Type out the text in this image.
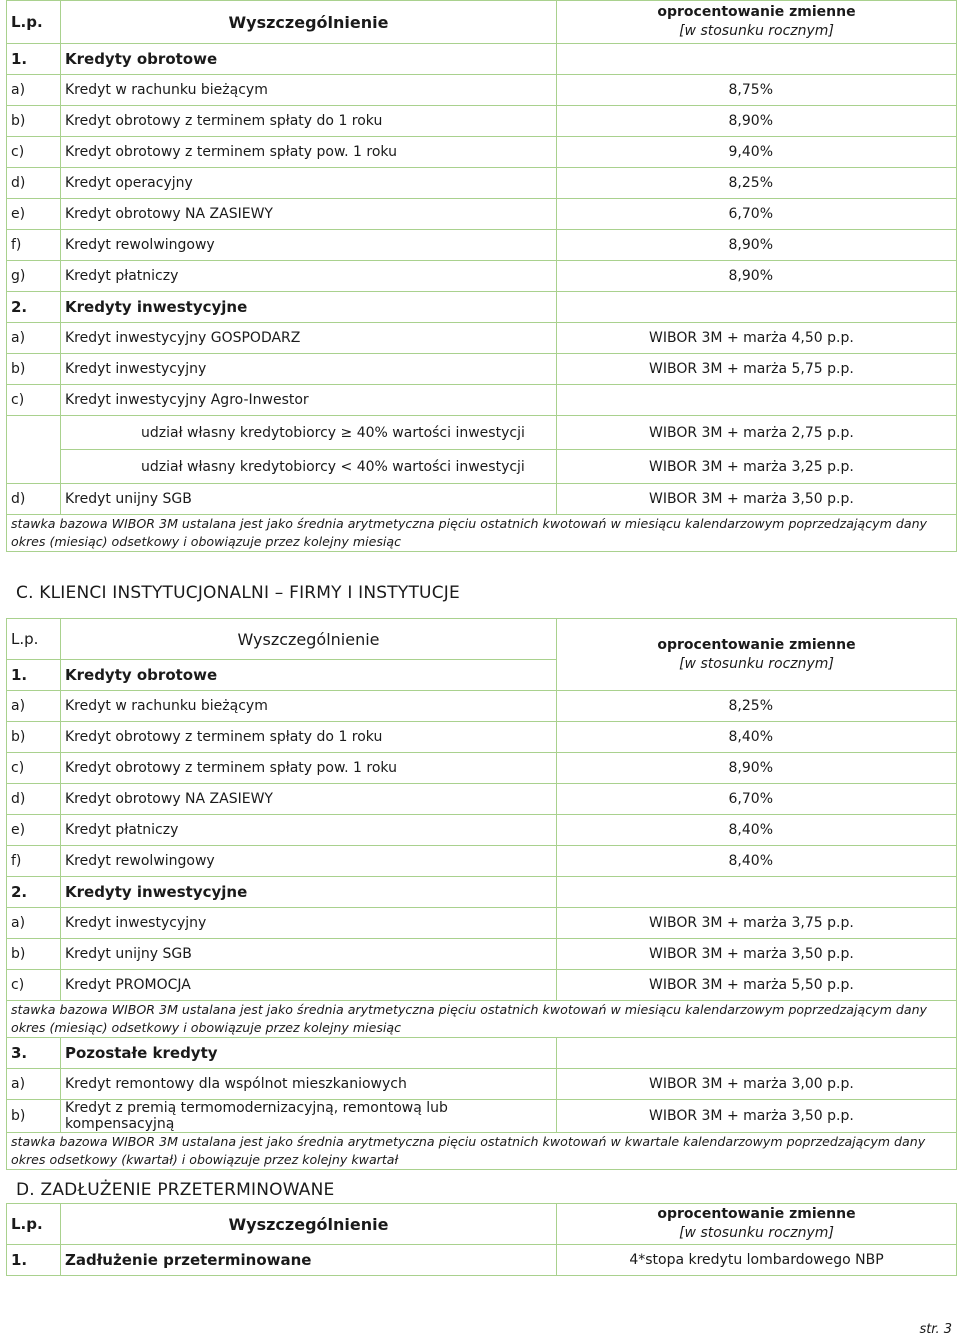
L.p.	Wyszczególnienie	oprocentowanie zmienne
[w stosunku rocznym]

1.	Kredyty obrotowe	
a)	Kredyt w rachunku bieżącym	8,75%
b)	Kredyt obrotowy z terminem spłaty do 1 roku	8,90%
c)	Kredyt obrotowy z terminem spłaty pow. 1 roku	9,40%
d)	Kredyt operacyjny	8,25%
e)	Kredyt obrotowy NA ZASIEWY	6,70%
f)	Kredyt rewolwingowy	8,90%
g)	Kredyt płatniczy	8,90%
2.	Kredyty inwestycyjne	
a)	Kredyt inwestycyjny GOSPODARZ	WIBOR 3M + marża 4,50 p.p.
b)	Kredyt inwestycyjny	WIBOR 3M + marża 5,75 p.p.
c)	Kredyt inwestycyjny Agro-Inwestor	
	udział własny kredytobiorcy ≥ 40% wartości inwestycji	WIBOR 3M + marża 2,75 p.p.
	udział własny kredytobiorcy < 40% wartości inwestycji	WIBOR 3M + marża 3,25 p.p.
d)	Kredyt unijny SGB	WIBOR 3M + marża 3,50 p.p.
stawka bazowa WIBOR 3M ustalana jest jako średnia arytmetyczna pięciu ostatnich kwotowań w miesiącu kalendarzowym poprzedzającym dany okres (miesiąc) odsetkowy i obowiązuje przez kolejny miesiąc		
C. KLIENCI INSTYTUCJONALNI – FIRMY I INSTYTUCJE
L.p.	Wyszczególnienie	oprocentowanie zmienne
[w stosunku rocznym]

1.	Kredyty obrotowe	
a)	Kredyt w rachunku bieżącym	8,25%
b)	Kredyt obrotowy z terminem spłaty do 1 roku	8,40%
c)	Kredyt obrotowy z terminem spłaty pow. 1 roku	8,90%
d)	Kredyt obrotowy NA ZASIEWY	6,70%
e)	Kredyt płatniczy	8,40%
f)	Kredyt rewolwingowy	8,40%
2.	Kredyty inwestycyjne	
a)	Kredyt inwestycyjny	WIBOR 3M + marża 3,75 p.p.
b)	Kredyt unijny SGB	WIBOR 3M + marża 3,50 p.p.
c)	Kredyt PROMOCJA	WIBOR 3M + marża 5,50 p.p.
stawka bazowa WIBOR 3M ustalana jest jako średnia arytmetyczna pięciu ostatnich kwotowań w miesiącu kalendarzowym poprzedzającym dany okres (miesiąc) odsetkowy i obowiązuje przez kolejny miesiąc		
3.	Pozostałe kredyty	
a)	Kredyt remontowy dla wspólnot mieszkaniowych	WIBOR 3M + marża 3,00 p.p.
b)	Kredyt z premią termomodernizacyjną, remontową lub kompensacyjną	WIBOR 3M + marża 3,50 p.p.
stawka bazowa WIBOR 3M ustalana jest jako średnia arytmetyczna pięciu ostatnich kwotowań w kwartale kalendarzowym poprzedzającym dany okres odsetkowy (kwartał) i obowiązuje przez kolejny kwartał		
D. ZADŁUŻENIE PRZETERMINOWANE
L.p.	Wyszczególnienie	oprocentowanie zmienne
[w stosunku rocznym]

1.	Zadłużenie przeterminowane	4*stopa kredytu lombardowego NBP
str. 3
